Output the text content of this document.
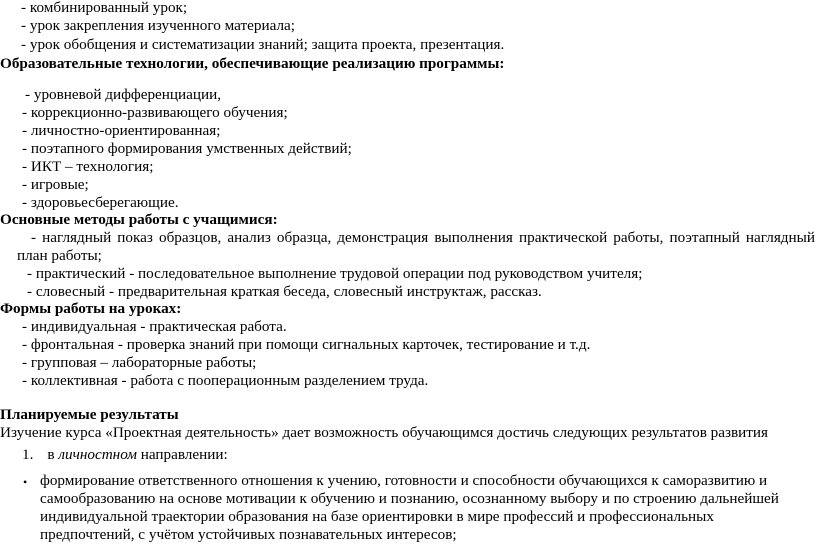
- комбинированный урок;
- урок закрепления изученного материала;
- урок обобщения и систематизации знаний; защита проекта, презентация.
Образовательные технологии, обеспечивающие реализацию программы:
- уровневой дифференциации,
- коррекционно-развивающего обучения;
- личностно-ориентированная;
- поэтапного формирования умственных действий;
- ИКТ – технология;
- игровые;
- здоровьесберегающие.
Основные методы работы с учащимися:
- наглядный показ образцов, анализ образца, демонстрация выполнения практической работы, поэтапный наглядный
план работы;
- практический - последовательное выполнение трудовой операции под руководством учителя;
- словесный - предварительная краткая беседа, словесный инструктаж, рассказ.
Формы работы на уроках:
- индивидуальная - практическая работа.
- фронтальная - проверка знаний при помощи сигнальных карточек, тестирование и т.д.
- групповая – лабораторные работы;
- коллективная - работа с пооперационным разделением труда.
Планируемые результаты
Изучение курса «Проектная деятельность» дает возможность обучающимся достичь следующих результатов развития
1. в личностном направлении:
• формирование ответственного отношения к учению, готовности и способности обучающихся к саморазвитию и
самообразованию на основе мотивации к обучению и познанию, осознанному выбору и по строению дальнейшей
индивидуальной траектории образования на базе ориентировки в мире профессий и профессиональных
предпочтений, с учётом устойчивых познавательных интересов;
